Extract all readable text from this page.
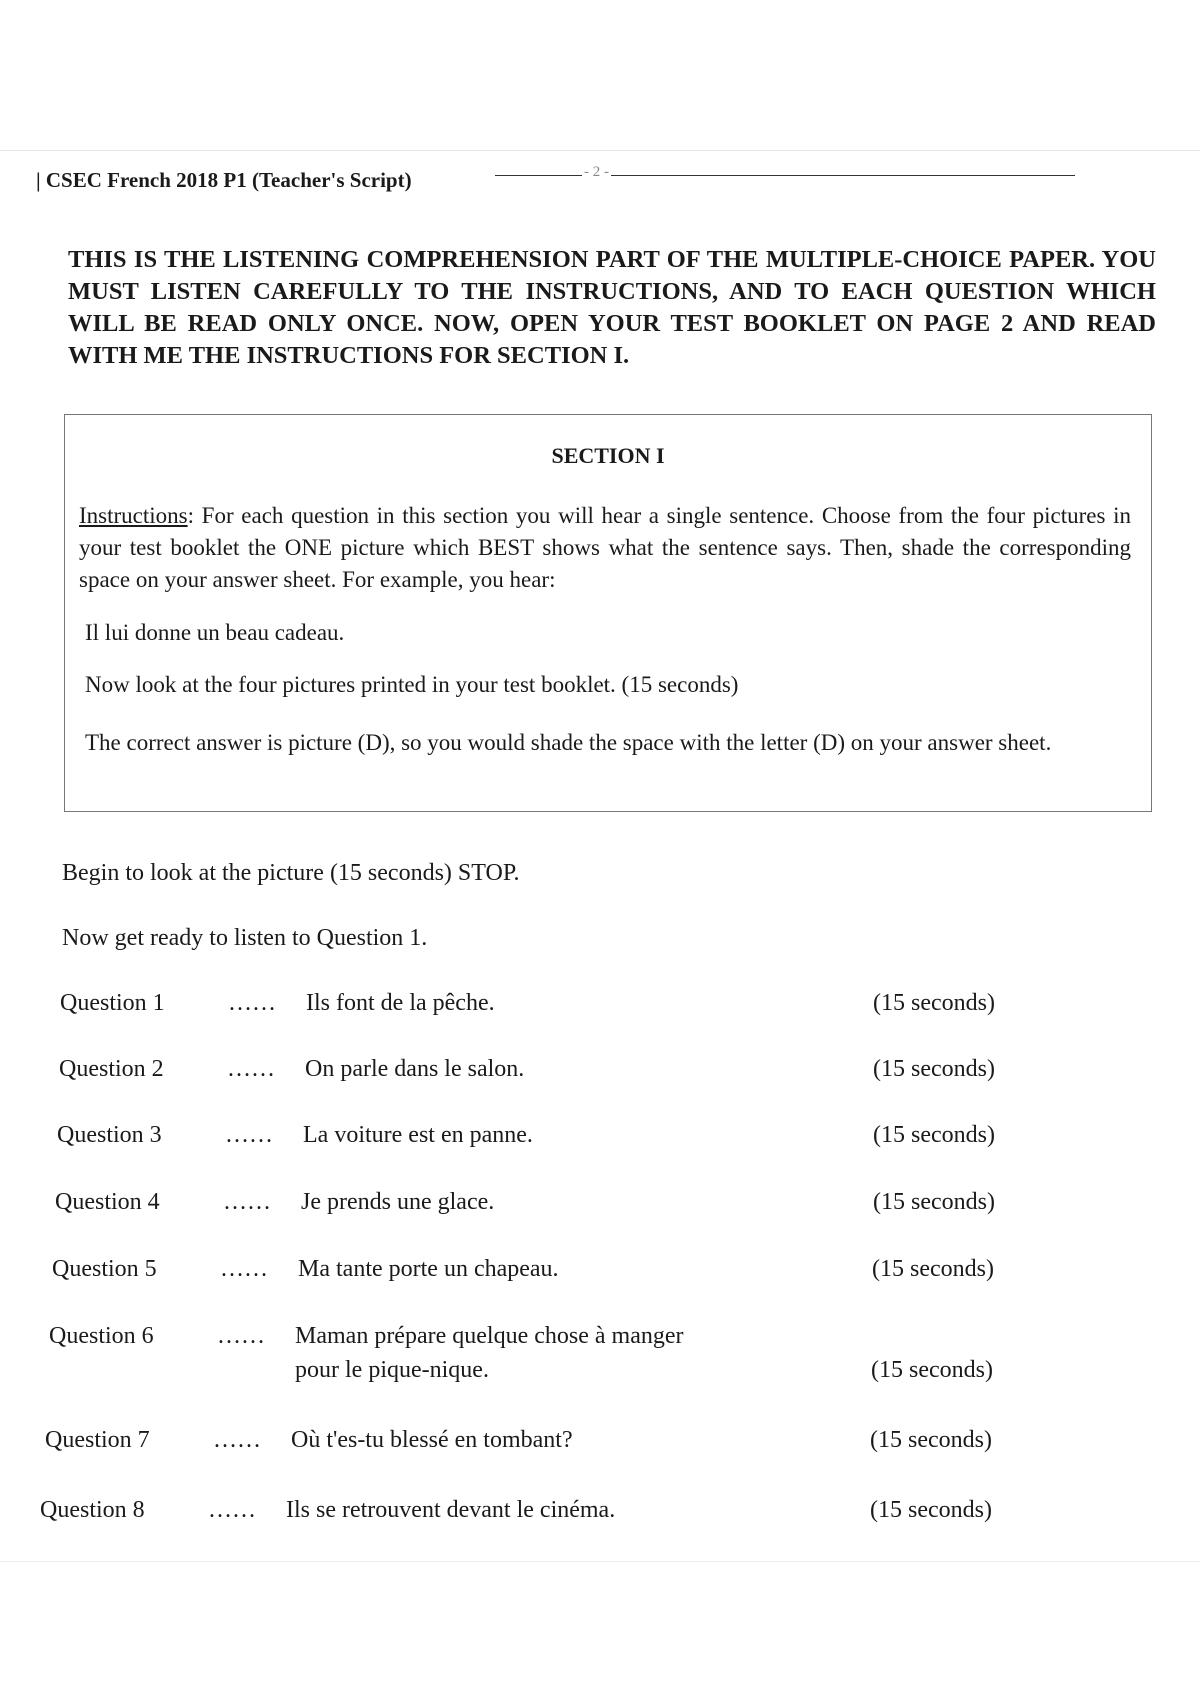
| CSEC French 2018 P1 (Teacher's Script)	- 2 -
THIS IS THE LISTENING COMPREHENSION PART OF THE MULTIPLE-CHOICE PAPER. YOU MUST LISTEN CAREFULLY TO THE INSTRUCTIONS, AND TO EACH QUESTION WHICH WILL BE READ ONLY ONCE. NOW, OPEN YOUR TEST BOOKLET ON PAGE 2 AND READ WITH ME THE INSTRUCTIONS FOR SECTION I.
SECTION I
Instructions: For each question in this section you will hear a single sentence. Choose from the four pictures in your test booklet the ONE picture which BEST shows what the sentence says. Then, shade the corresponding space on your answer sheet. For example, you hear:
Il lui donne un beau cadeau.
Now look at the four pictures printed in your test booklet. (15 seconds)
The correct answer is picture (D), so you would shade the space with the letter (D) on your answer sheet.
Begin to look at the picture (15 seconds) STOP.
Now get ready to listen to Question 1.
Question 1	…… Ils font de la pêche.	(15 seconds)
Question 2	…… On parle dans le salon.	(15 seconds)
Question 3	…… La voiture est en panne.	(15 seconds)
Question 4	…… Je prends une glace.	(15 seconds)
Question 5	…… Ma tante porte un chapeau.	(15 seconds)
Question 6	…… Maman prépare quelque chose à manger
pour le pique-nique.	(15 seconds)
Question 7	…… Où t'es-tu blessé en tombant?	(15 seconds)
Question 8	…… Ils se retrouvent devant le cinéma.	(15 seconds)
